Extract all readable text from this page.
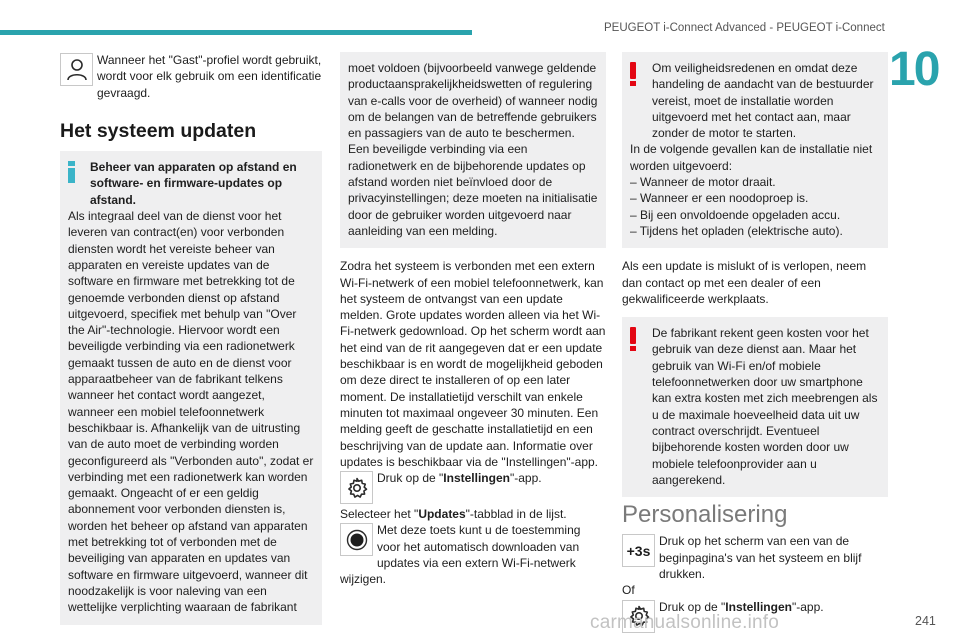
PEUGEOT i-Connect Advanced - PEUGEOT i-Connect
10
Wanneer het "Gast"-profiel wordt gebruikt, wordt voor elk gebruik om een identificatie gevraagd.
Het systeem updaten
Beheer van apparaten op afstand en software- en firmware-updates op afstand.
Als integraal deel van de dienst voor het leveren van contract(en) voor verbonden diensten wordt het vereiste beheer van apparaten en vereiste updates van de software en firmware met betrekking tot de genoemde verbonden dienst op afstand uitgevoerd, specifiek met behulp van "Over the Air"-technologie. Hiervoor wordt een beveiligde verbinding via een radionetwerk gemaakt tussen de auto en de dienst voor apparaatbeheer van de fabrikant telkens wanneer het contact wordt aangezet, wanneer een mobiel telefoonnetwerk beschikbaar is. Afhankelijk van de uitrusting van de auto moet de verbinding worden geconfigureerd als "Verbonden auto", zodat er verbinding met een radionetwerk kan worden gemaakt. Ongeacht of er een geldig abonnement voor verbonden diensten is, worden het beheer op afstand van apparaten met betrekking tot of verbonden met de beveiliging van apparaten en updates van software en firmware uitgevoerd, wanneer dit noodzakelijk is voor naleving van een wettelijke verplichting waaraan de fabrikant
moet voldoen (bijvoorbeeld vanwege geldende productaansprakelijkheidswetten of regulering van e-calls voor de overheid) of wanneer nodig om de belangen van de betreffende gebruikers en passagiers van de auto te beschermen. Een beveiligde verbinding via een radionetwerk en de bijbehorende updates op afstand worden niet beïnvloed door de privacyinstellingen; deze moeten na initialisatie door de gebruiker worden uitgevoerd naar aanleiding van een melding.
Zodra het systeem is verbonden met een extern Wi-Fi-netwerk of een mobiel telefoonnetwerk, kan het systeem de ontvangst van een update melden. Grote updates worden alleen via het Wi-Fi-netwerk gedownload. Op het scherm wordt aan het eind van de rit aangegeven dat er een update beschikbaar is en wordt de mogelijkheid geboden om deze direct te installeren of op een later moment. De installatietijd verschilt van enkele minuten tot maximaal ongeveer 30 minuten. Een melding geeft de geschatte installatietijd en een beschrijving van de update aan. Informatie over updates is beschikbaar via de "Instellingen"-app.
Druk op de "Instellingen"-app.
Selecteer het "Updates"-tabblad in de lijst.
Met deze toets kunt u de toestemming voor het automatisch downloaden van updates via een extern Wi-Fi-netwerk wijzigen.
Om veiligheidsredenen en omdat deze handeling de aandacht van de bestuurder vereist, moet de installatie worden uitgevoerd met het contact aan, maar zonder de motor te starten.
In de volgende gevallen kan de installatie niet worden uitgevoerd:
– Wanneer de motor draait.
– Wanneer er een noodoproep is.
– Bij een onvoldoende opgeladen accu.
– Tijdens het opladen (elektrische auto).
Als een update is mislukt of is verlopen, neem dan contact op met een dealer of een gekwalificeerde werkplaats.
De fabrikant rekent geen kosten voor het gebruik van deze dienst aan. Maar het gebruik van Wi-Fi en/of mobiele telefoonnetwerken door uw smartphone kan extra kosten met zich meebrengen als u de maximale hoeveelheid data uit uw contract overschrijdt. Eventueel bijbehorende kosten worden door uw mobiele telefoonprovider aan u aangerekend.
Personalisering
+3s
Druk op het scherm van een van de beginpagina's van het systeem en blijf drukken.
Of
Druk op de "Instellingen"-app.
carmanualsonline.info	241
